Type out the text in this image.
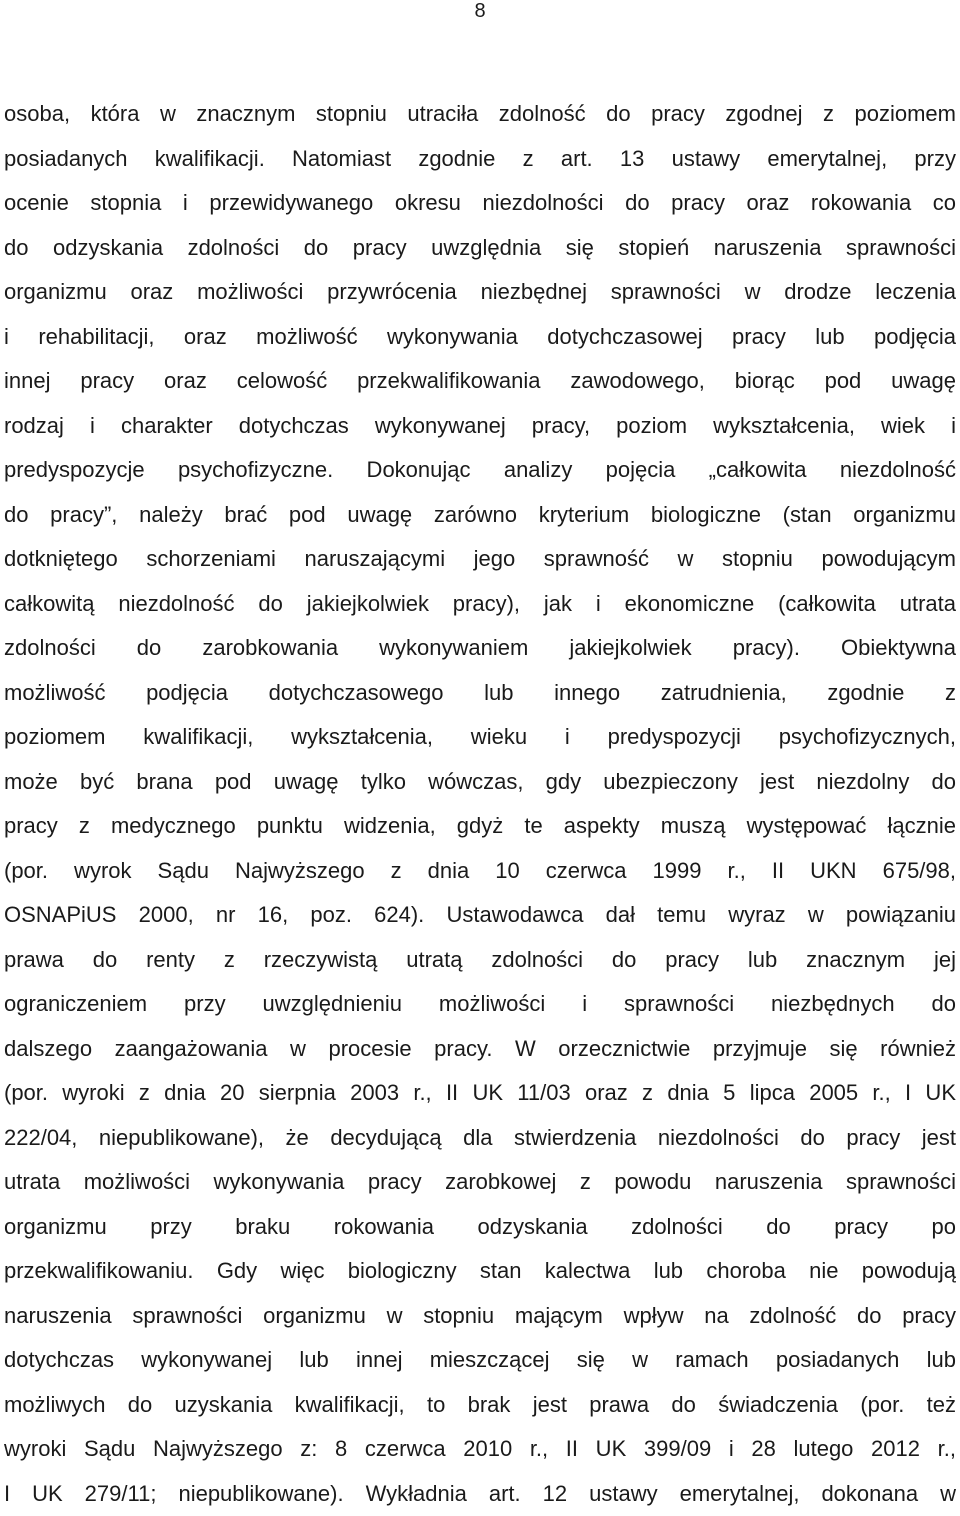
8
osoba, która w znacznym stopniu utraciła zdolność do pracy zgodnej z poziomem
posiadanych kwalifikacji. Natomiast zgodnie z art. 13 ustawy emerytalnej, przy
ocenie stopnia i przewidywanego okresu niezdolności do pracy oraz rokowania co
do odzyskania zdolności do pracy uwzględnia się stopień naruszenia sprawności
organizmu oraz możliwości przywrócenia niezbędnej sprawności w drodze leczenia
i rehabilitacji, oraz możliwość wykonywania dotychczasowej pracy lub podjęcia
innej pracy oraz celowość przekwalifikowania zawodowego, biorąc pod uwagę
rodzaj i charakter dotychczas wykonywanej pracy, poziom wykształcenia, wiek i
predyspozycje psychofizyczne. Dokonując analizy pojęcia „całkowita niezdolność
do pracy”, należy brać pod uwagę zarówno kryterium biologiczne (stan organizmu
dotkniętego schorzeniami naruszającymi jego sprawność w stopniu powodującym
całkowitą niezdolność do jakiejkolwiek pracy), jak i ekonomiczne (całkowita utrata
zdolności do zarobkowania wykonywaniem jakiejkolwiek pracy). Obiektywna
możliwość podjęcia dotychczasowego lub innego zatrudnienia, zgodnie z
poziomem kwalifikacji, wykształcenia, wieku i predyspozycji psychofizycznych,
może być brana pod uwagę tylko wówczas, gdy ubezpieczony jest niezdolny do
pracy z medycznego punktu widzenia, gdyż te aspekty muszą występować łącznie
(por. wyrok Sądu Najwyższego z dnia 10 czerwca 1999 r., II UKN 675/98,
OSNAPiUS 2000, nr 16, poz. 624). Ustawodawca dał temu wyraz w powiązaniu
prawa do renty z rzeczywistą utratą zdolności do pracy lub znacznym jej
ograniczeniem przy uwzględnieniu możliwości i sprawności niezbędnych do
dalszego zaangażowania w procesie pracy. W orzecznictwie przyjmuje się również
(por. wyroki z dnia 20 sierpnia 2003 r., II UK 11/03 oraz z dnia 5 lipca 2005 r., I UK
222/04, niepublikowane), że decydującą dla stwierdzenia niezdolności do pracy jest
utrata możliwości wykonywania pracy zarobkowej z powodu naruszenia sprawności
organizmu przy braku rokowania odzyskania zdolności do pracy po
przekwalifikowaniu. Gdy więc biologiczny stan kalectwa lub choroba nie powodują
naruszenia sprawności organizmu w stopniu mającym wpływ na zdolność do pracy
dotychczas wykonywanej lub innej mieszczącej się w ramach posiadanych lub
możliwych do uzyskania kwalifikacji, to brak jest prawa do świadczenia (por. też
wyroki Sądu Najwyższego z: 8 czerwca 2010 r., II UK 399/09 i 28 lutego 2012 r.,
I UK 279/11; niepublikowane). Wykładnia art. 12 ustawy emerytalnej, dokonana w
